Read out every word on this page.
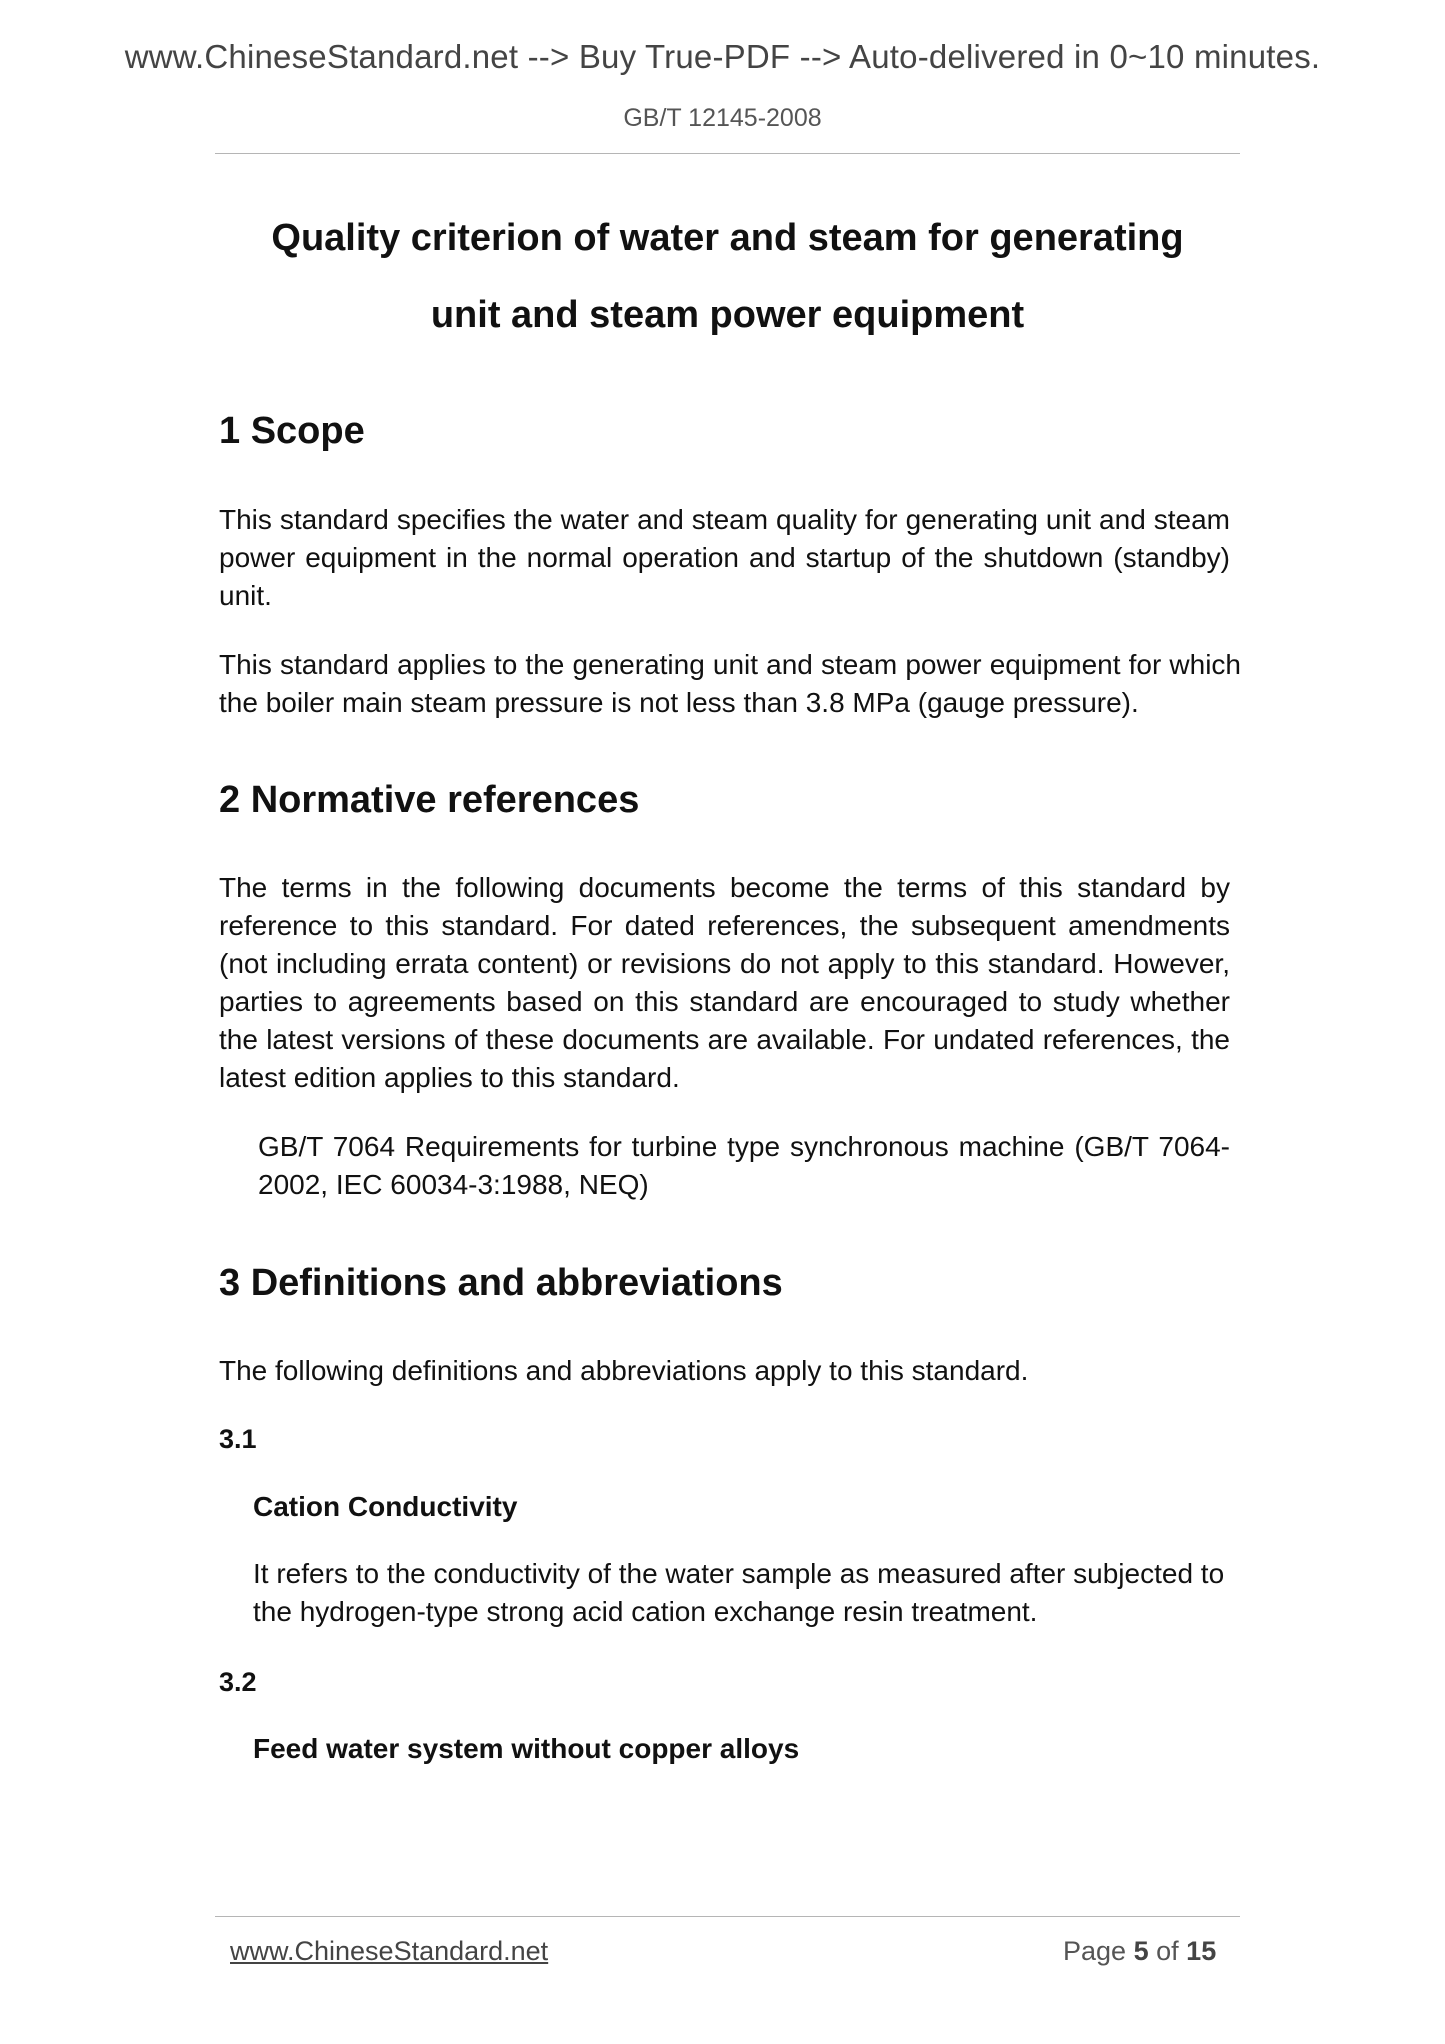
www.ChineseStandard.net --> Buy True-PDF --> Auto-delivered in 0~10 minutes.
GB/T 12145-2008
Quality criterion of water and steam for generating
unit and steam power equipment
1 Scope
This standard specifies the water and steam quality for generating unit and steam power equipment in the normal operation and startup of the shutdown (standby) unit.
This standard applies to the generating unit and steam power equipment for which the boiler main steam pressure is not less than 3.8 MPa (gauge pressure).
2 Normative references
The terms in the following documents become the terms of this standard by reference to this standard. For dated references, the subsequent amendments (not including errata content) or revisions do not apply to this standard. However, parties to agreements based on this standard are encouraged to study whether the latest versions of these documents are available. For undated references, the latest edition applies to this standard.
GB/T 7064 Requirements for turbine type synchronous machine (GB/T 7064-2002, IEC 60034-3:1988, NEQ)
3 Definitions and abbreviations
The following definitions and abbreviations apply to this standard.
3.1
Cation Conductivity
It refers to the conductivity of the water sample as measured after subjected to the hydrogen-type strong acid cation exchange resin treatment.
3.2
Feed water system without copper alloys
www.ChineseStandard.net	Page 5 of 15
